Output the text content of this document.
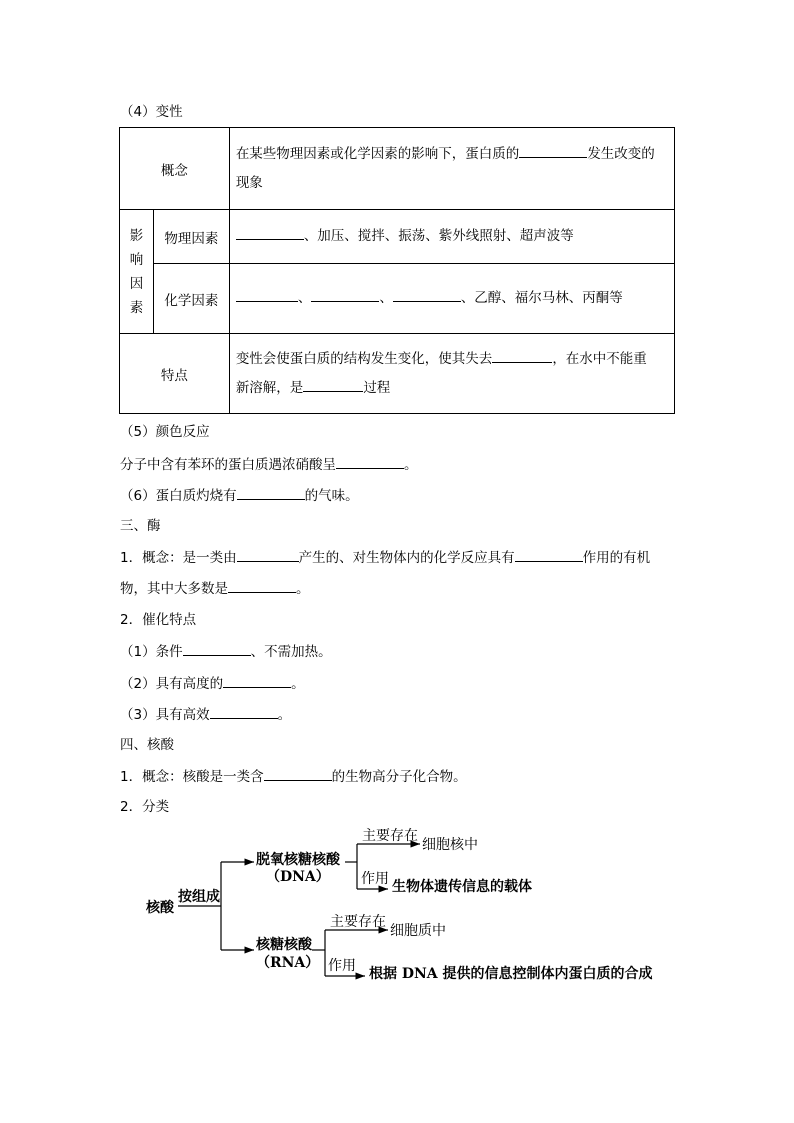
（4）变性
概念		在某些物理因素或化学因素的影响下，蛋白质的 发生改变的
现象

影
响
因
素	物理因素	、加压、搅拌、振荡、紫外线照射、超声波等

	化学因素	、 、 、乙醇、福尔马林、丙酮等

特点		变性会使蛋白质的结构发生变化，使其失去 ，在水中不能重
新溶解，是 过程
（5）颜色反应
分子中含有苯环的蛋白质遇浓硝酸呈	。
（6）蛋白质灼烧有	的气味。
三、酶
1．概念：是一类由	产生的、对生物体内的化学反应具有	作用的有机
物，其中大多数是	。
2．催化特点
（1）条件	、不需加热。
（2）具有高度的	。
（3）具有高效	。
四、核酸
1．概念：核酸是一类含	的生物高分子化合物。
2．分类
核酸
按组成
脱氧核糖核酸
（DNA）
主要存在
细胞核中
作用 生物体遗传信息的载体
核糖核酸
（RNA）
主要存在
细胞质中
作用 根据 DNA 提供的信息控制体内蛋白质的合成
